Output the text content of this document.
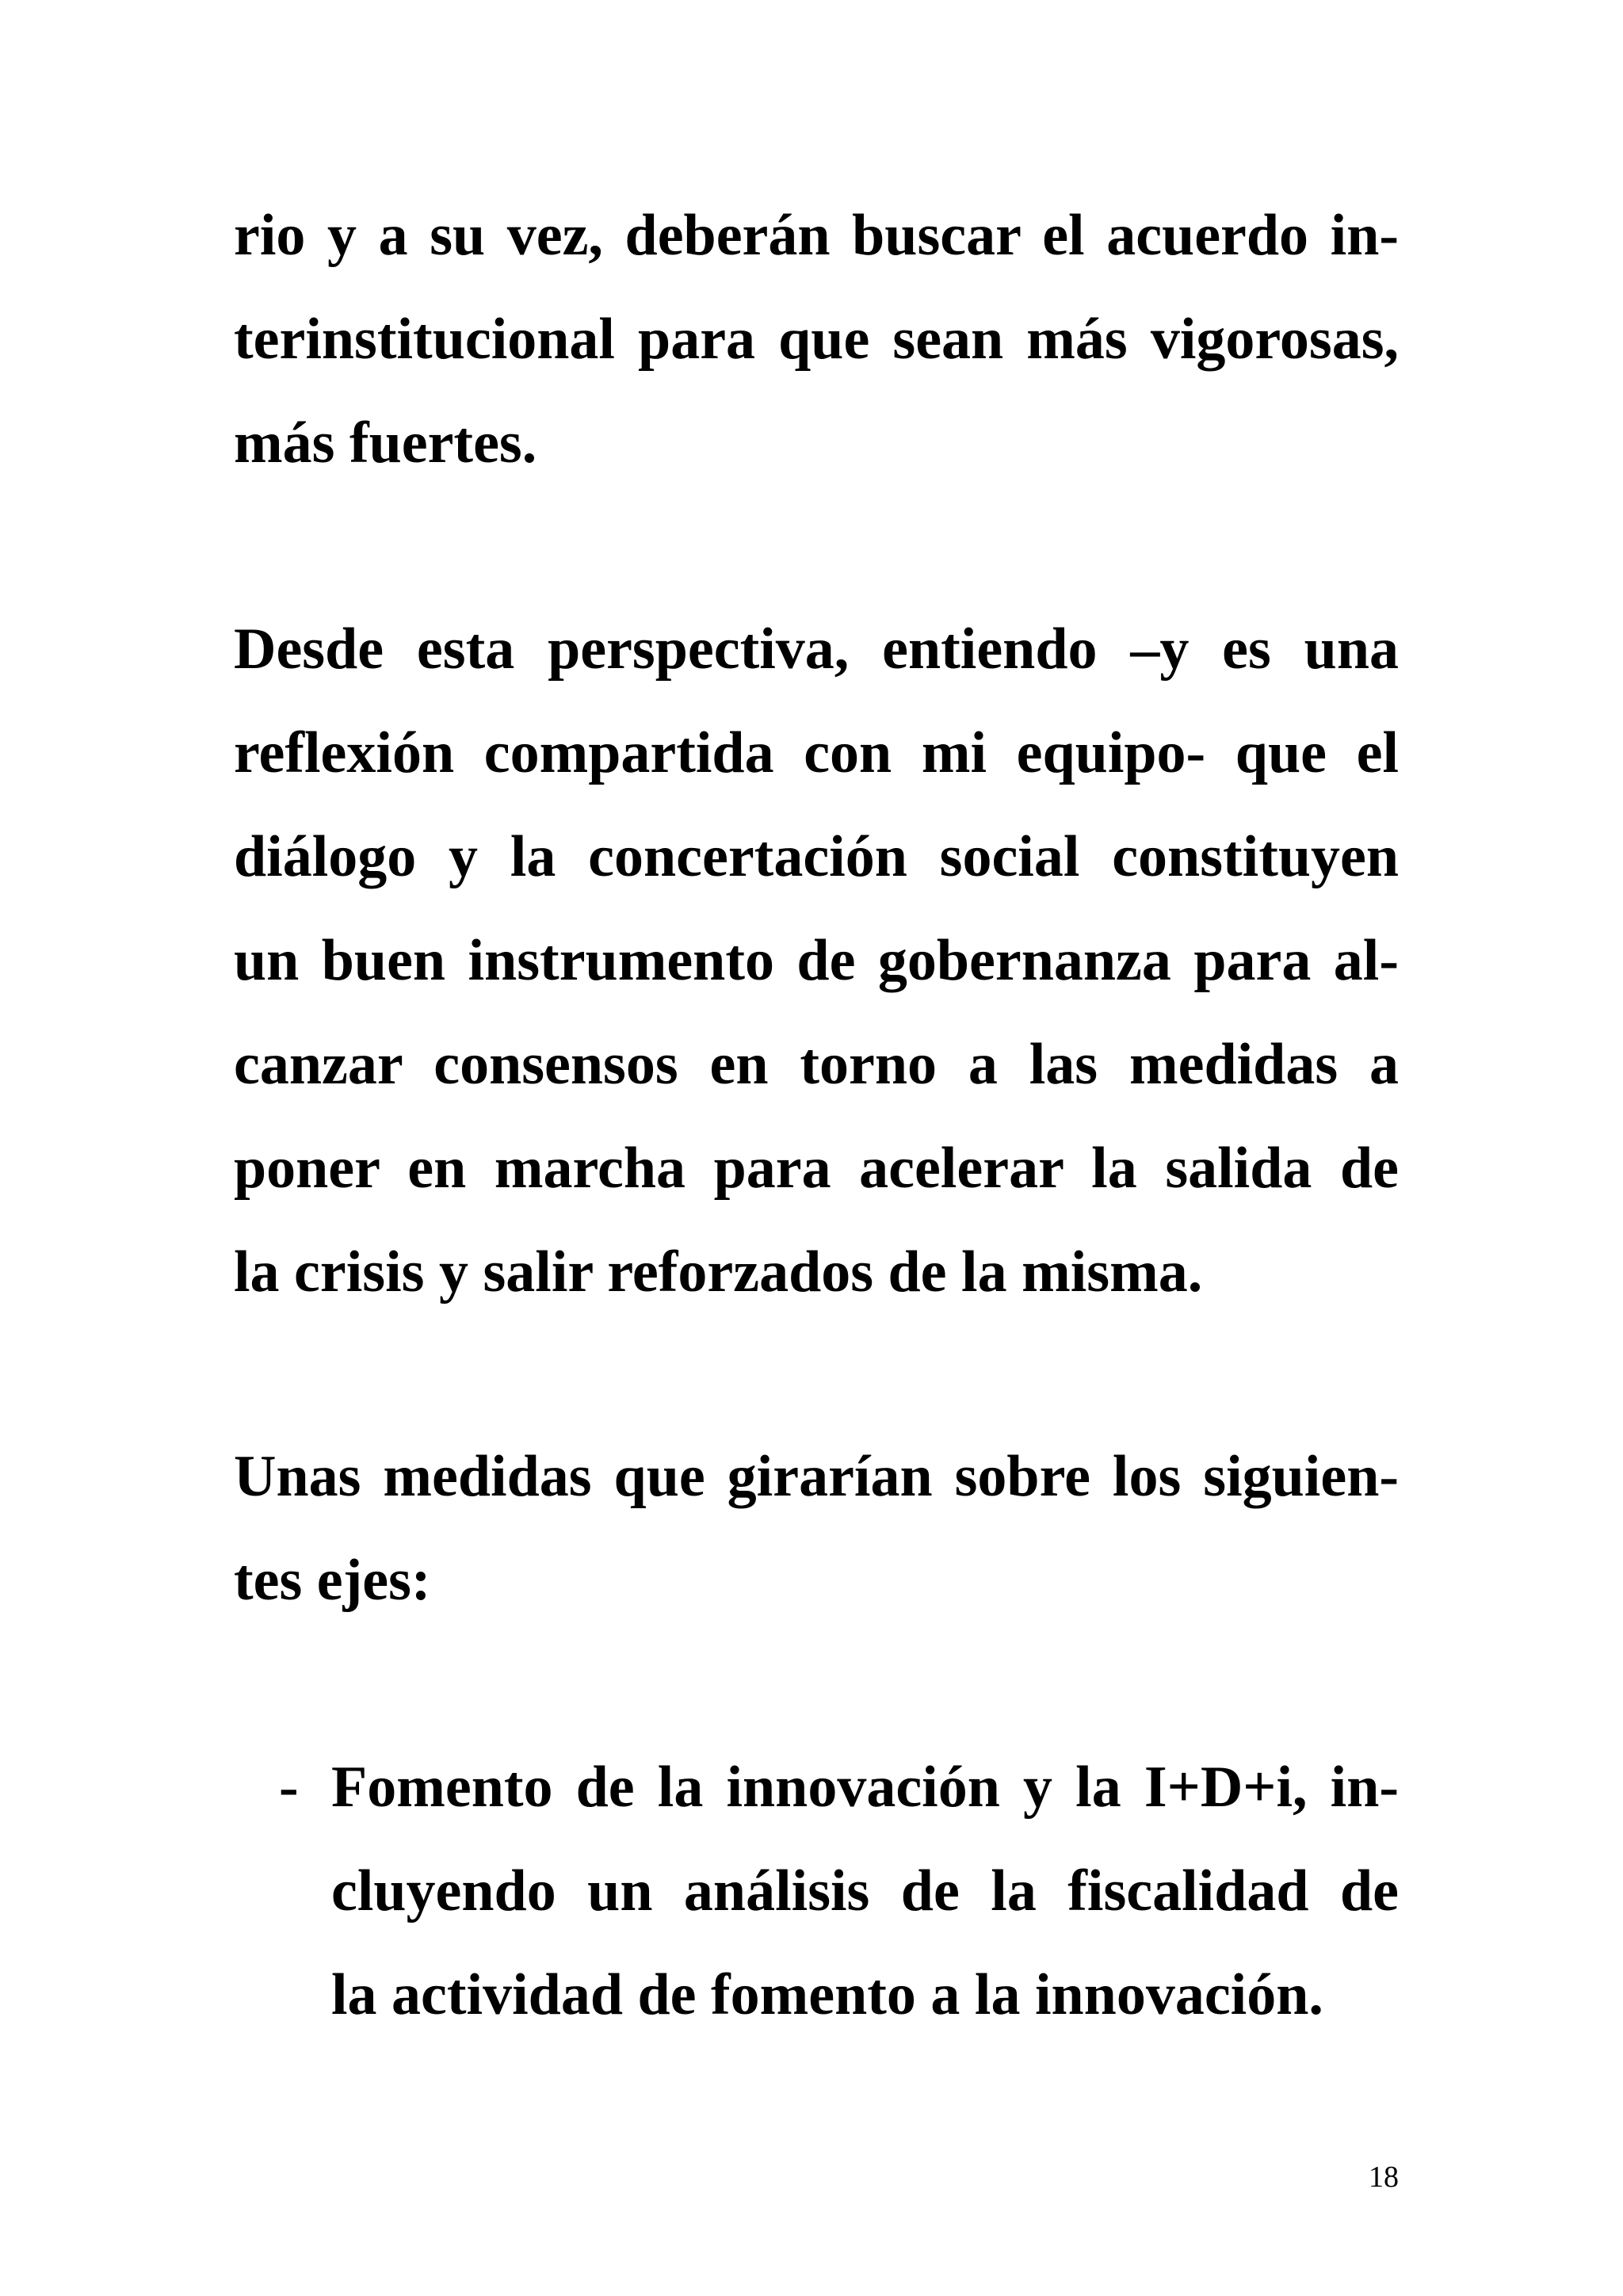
rio y a su vez, deberán buscar el acuerdo in-
terinstitucional para que sean más vigorosas,
más fuertes.
Desde esta perspectiva, entiendo –y es una
reflexión compartida con mi equipo- que el
diálogo y la concertación social constituyen
un buen instrumento de gobernanza para al-
canzar consensos en torno a las medidas a
poner en marcha para acelerar la salida de
la crisis y salir reforzados de la misma.
Unas medidas que girarían sobre los siguien-
tes ejes:
- Fomento de la innovación y la I+D+i, in-
cluyendo un análisis de la fiscalidad de
la actividad de fomento a la innovación.
18
